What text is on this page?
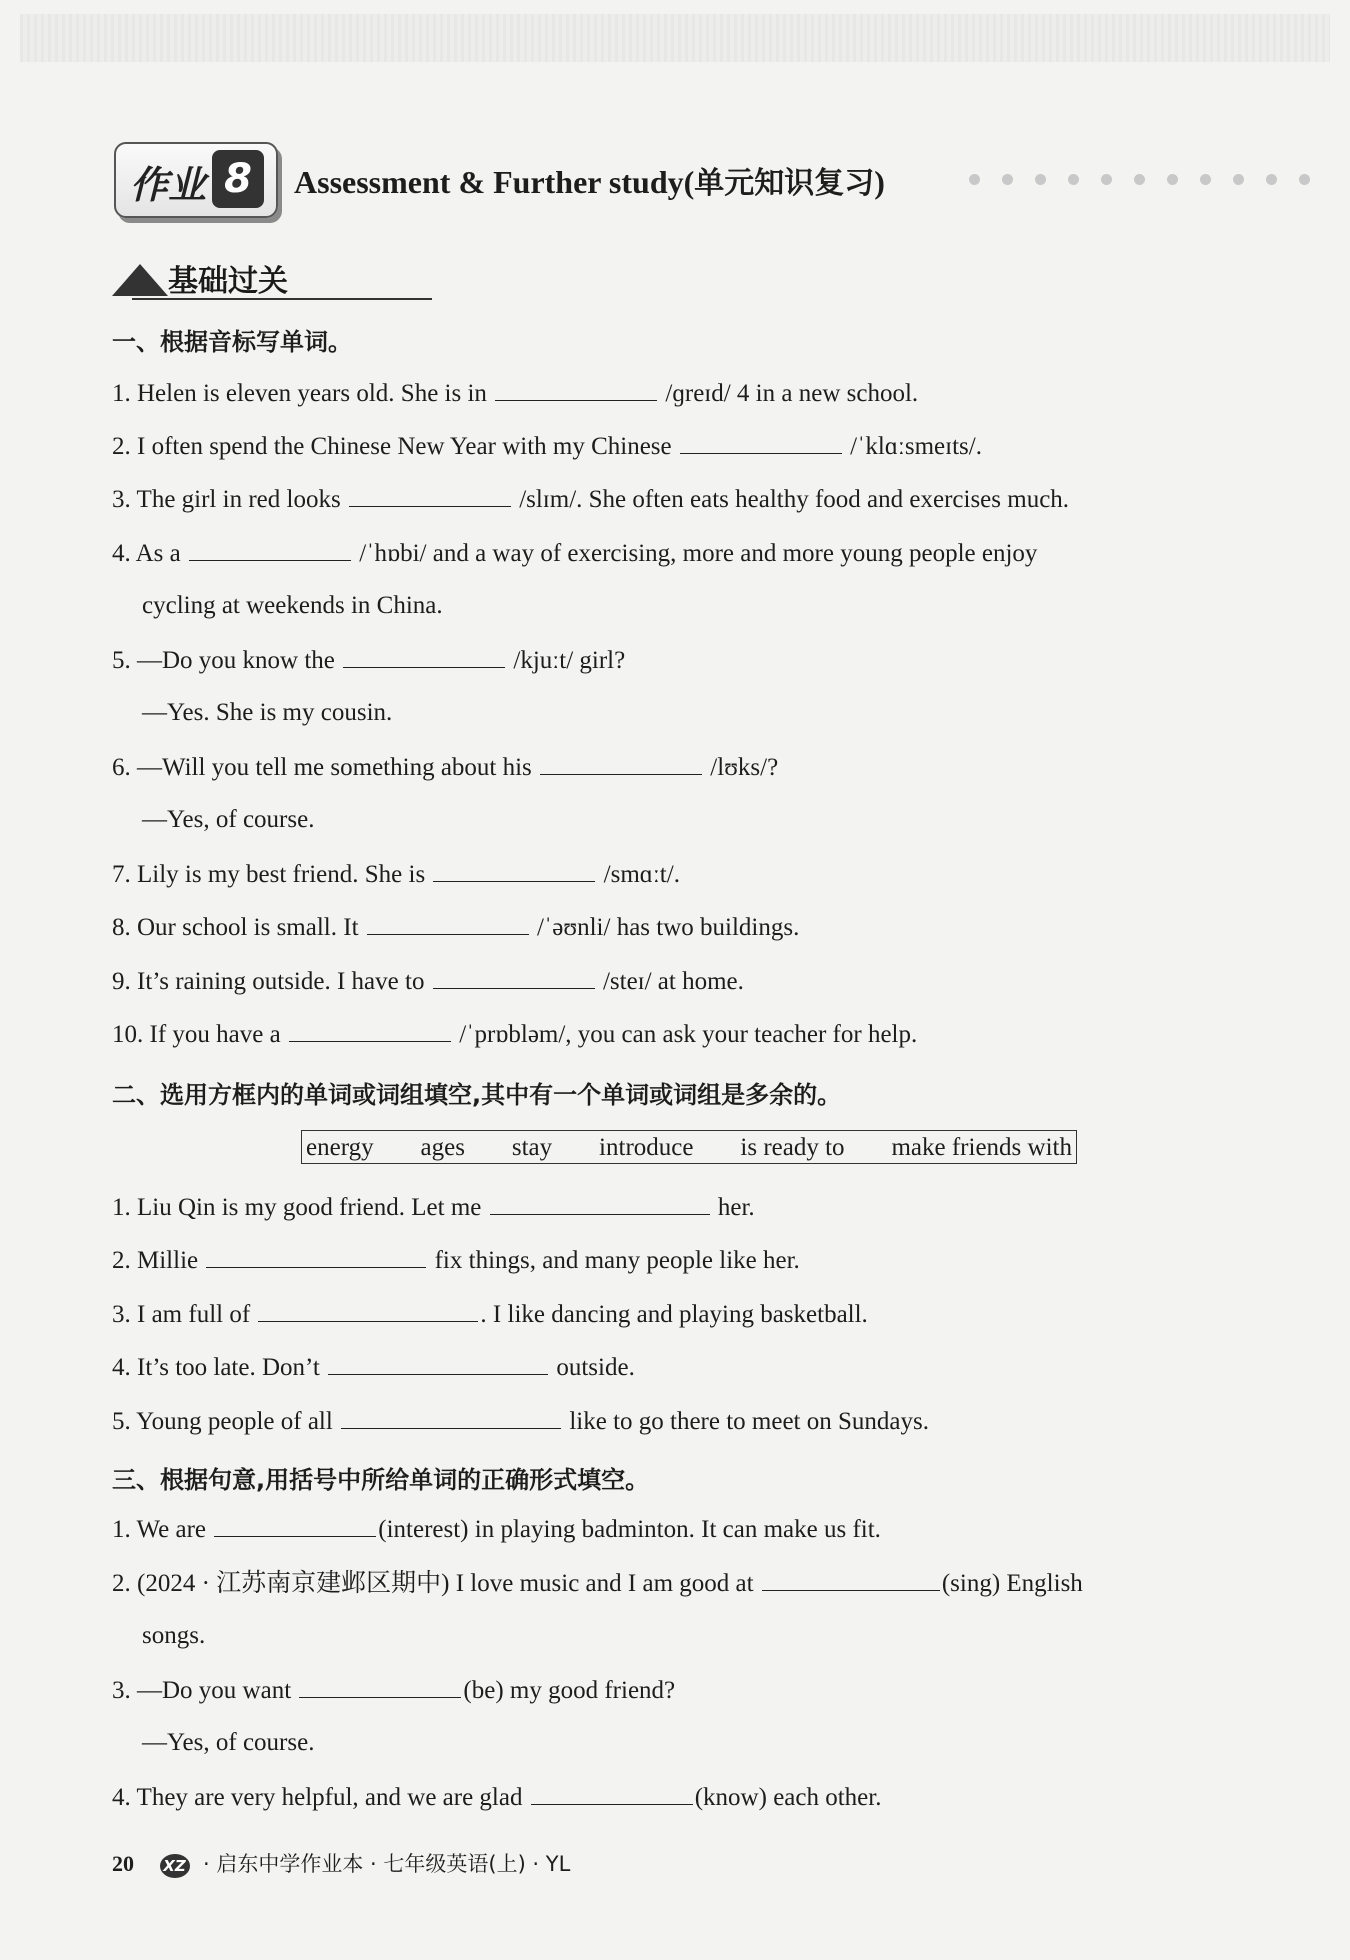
作业 8	Assessment & Further study(单元知识复习)
基础过关
一、根据音标写单词。
1. Helen is eleven years old. She is in	/ɡreɪd/ 4 in a new school.
2. I often spend the Chinese New Year with my Chinese	/ˈklɑːsmeɪts/.
3. The girl in red looks	/slɪm/. She often eats healthy food and exercises much.
4. As a	/ˈhɒbi/ and a way of exercising, more and more young people enjoy
cycling at weekends in China.
5. —Do you know the	/kjuːt/ girl?
—Yes. She is my cousin.
6. —Will you tell me something about his	/lʊks/?
—Yes, of course.
7. Lily is my best friend. She is	/smɑːt/.
8. Our school is small. It	/ˈəʊnli/ has two buildings.
9. It’s raining outside. I have to	/steɪ/ at home.
10. If you have a	/ˈprɒbləm/, you can ask your teacher for help.
二、选用方框内的单词或词组填空,其中有一个单词或词组是多余的。
energy ages stay introduce is ready to make friends with
1. Liu Qin is my good friend. Let me	her.
2. Millie	fix things, and many people like her.
3. I am full of	. I like dancing and playing basketball.
4. It’s too late. Don’t	outside.
5. Young people of all	like to go there to meet on Sundays.
三、根据句意,用括号中所给单词的正确形式填空。
1. We are	(interest) in playing badminton. It can make us fit.
2. (2024 · 江苏南京建邺区期中) I love music and I am good at	(sing) English
songs.
3. —Do you want	(be) my good friend?
—Yes, of course.
4. They are very helpful, and we are glad	(know) each other.
20 XZ · 启东中学作业本 · 七年级英语(上) · YL
